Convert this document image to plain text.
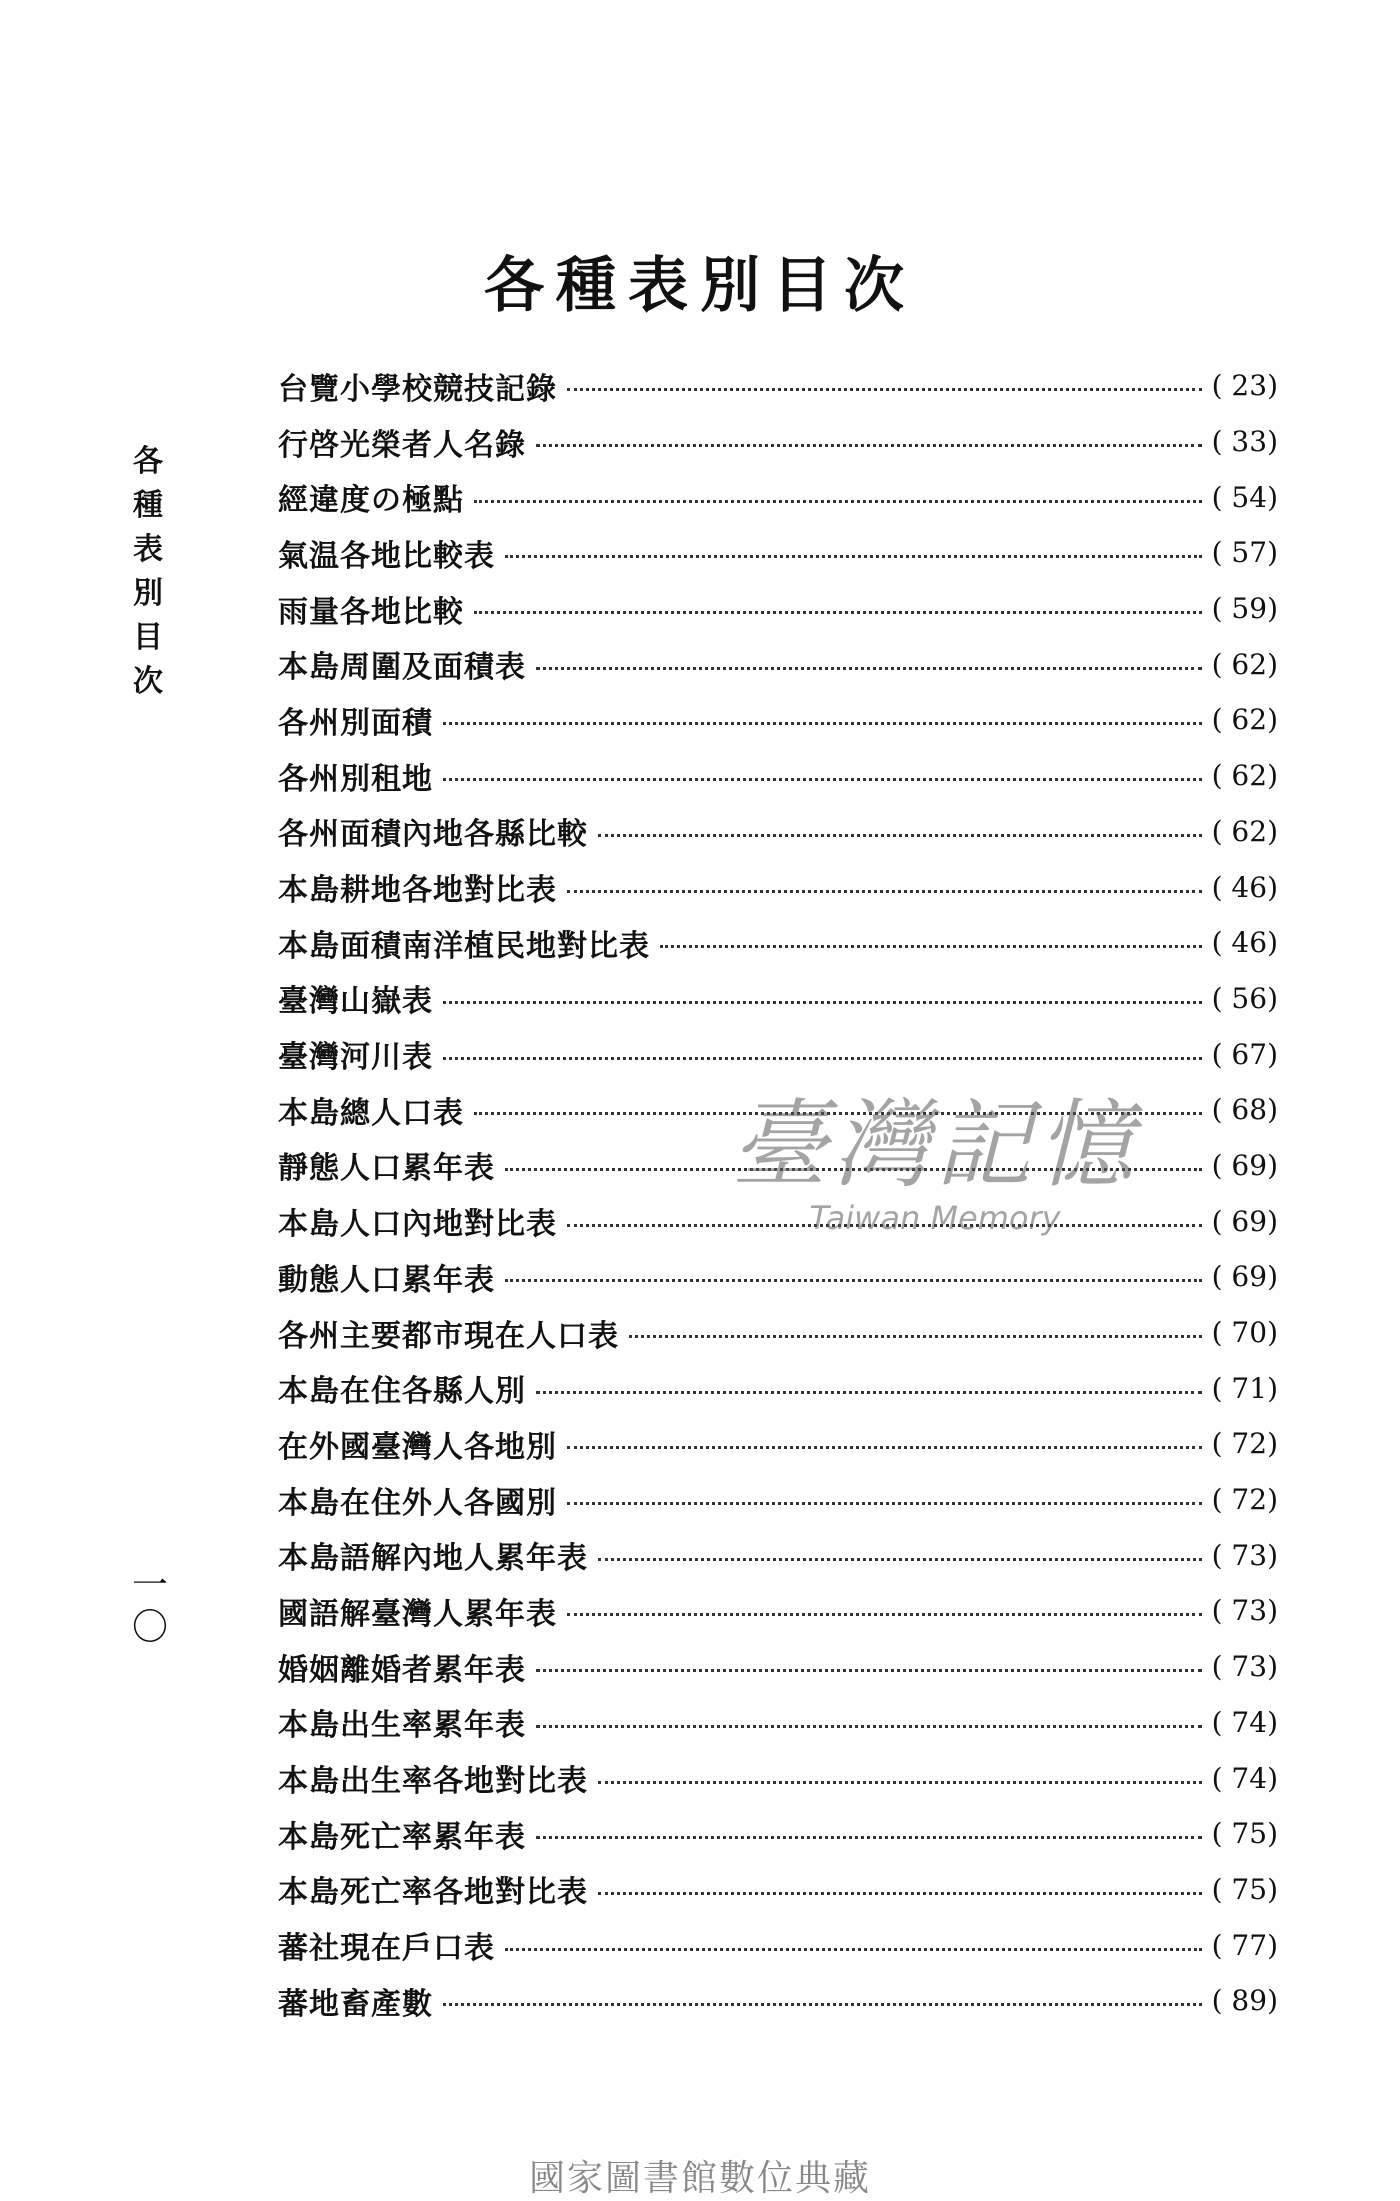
各種表別目次
各
種
表
別
目
次
一
〇
台覽小學校競技記錄	( 23)
行啓光榮者人名錄	( 33)
經違度の極點	( 54)
氣温各地比較表	( 57)
雨量各地比較	( 59)
本島周圍及面積表	( 62)
各州別面積	( 62)
各州別租地	( 62)
各州面積內地各縣比較	( 62)
本島耕地各地對比表	( 46)
本島面積南洋植民地對比表	( 46)
臺灣山嶽表	( 56)
臺灣河川表	( 67)
本島總人口表	( 68)
靜態人口累年表	( 69)
本島人口內地對比表	( 69)
動態人口累年表	( 69)
各州主要都市現在人口表	( 70)
本島在住各縣人別	( 71)
在外國臺灣人各地別	( 72)
本島在住外人各國別	( 72)
本島語解內地人累年表	( 73)
國語解臺灣人累年表	( 73)
婚姻離婚者累年表	( 73)
本島出生率累年表	( 74)
本島出生率各地對比表	( 74)
本島死亡率累年表	( 75)
本島死亡率各地對比表	( 75)
蕃社現在戶口表	( 77)
蕃地畜產數	( 89)
臺灣記憶
Taiwan Memory
國家圖書館數位典藏
